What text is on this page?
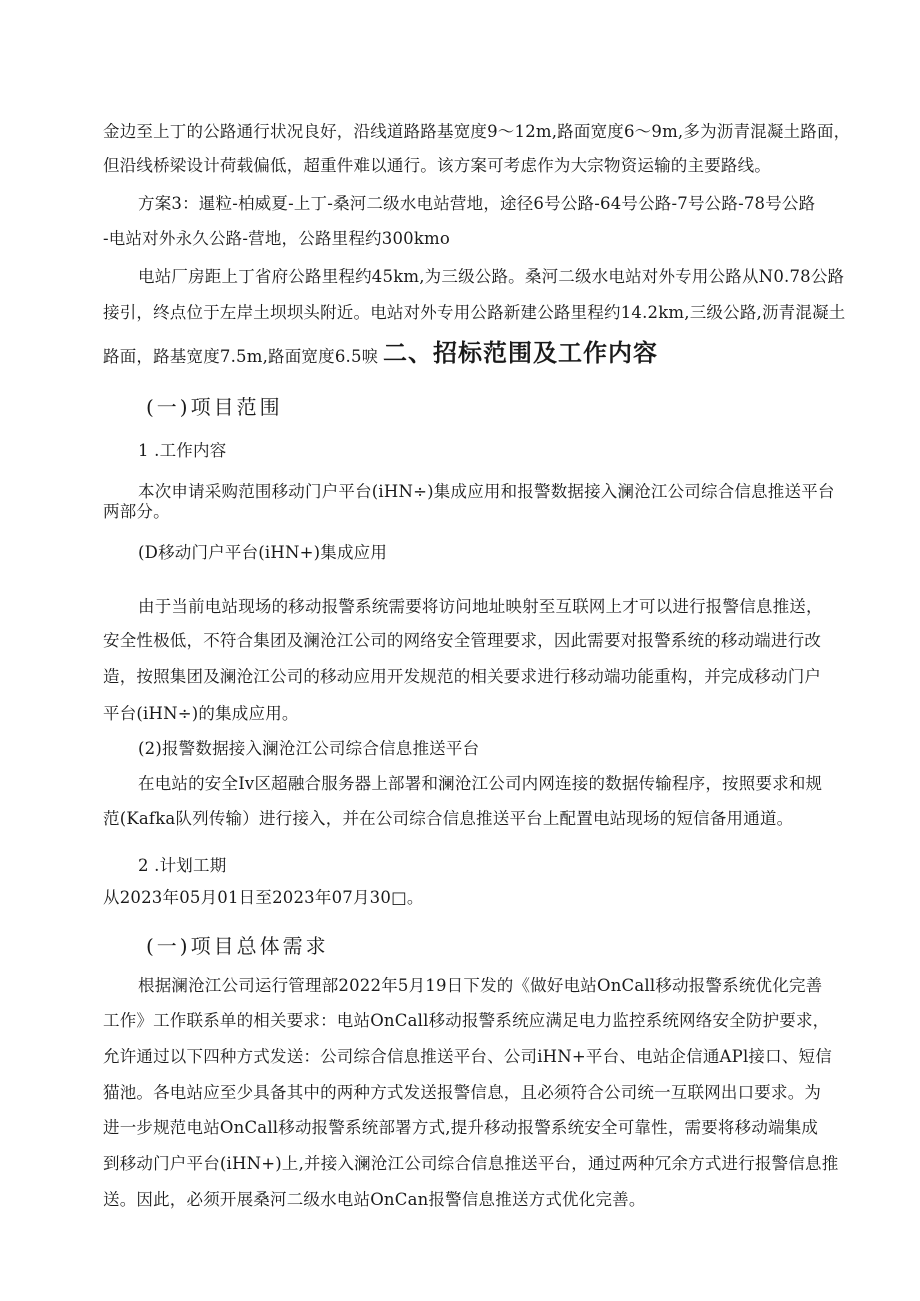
金边至上丁的公路通行状况良好，沿线道路路基宽度9～12m,路面宽度6～9m,多为沥青混凝土路面，
但沿线桥梁设计荷载偏低，超重件难以通行。该方案可考虑作为大宗物资运输的主要路线。
方案3：暹粒-柏威夏-上丁-桑河二级水电站营地，途径6号公路-64号公路-7号公路-78号公路
-电站对外永久公路-营地，公路里程约300kmo
电站厂房距上丁省府公路里程约45km,为三级公路。桑河二级水电站对外专用公路从N0.78公路
接引，终点位于左岸土坝坝头附近。电站对外专用公路新建公路里程约14.2km,三级公路,沥青混凝土
路面，路基宽度7.5m,路面宽度6.5唳 二、招标范围及工作内容
(一)项目范围
1 .工作内容
本次申请采购范围移动门户平台(iHN÷)集成应用和报警数据接入澜沧江公司综合信息推送平台
两部分。
(D移动门户平台(iHN+)集成应用
由于当前电站现场的移动报警系统需要将访问地址映射至互联网上才可以进行报警信息推送，
安全性极低，不符合集团及澜沧江公司的网络安全管理要求，因此需要对报警系统的移动端进行改
造，按照集团及澜沧江公司的移动应用开发规范的相关要求进行移动端功能重构，并完成移动门户
平台(iHN÷)的集成应用。
(2)报警数据接入澜沧江公司综合信息推送平台
在电站的安全Iv区超融合服务器上部署和澜沧江公司内网连接的数据传输程序，按照要求和规
范(Kafka队列传输）进行接入，并在公司综合信息推送平台上配置电站现场的短信备用通道。
2 .计划工期
从2023年05月01日至2023年07月30□。
(一)项目总体需求
根据澜沧江公司运行管理部2022年5月19日下发的《做好电站OnCall移动报警系统优化完善
工作》工作联系单的相关要求：电站OnCall移动报警系统应满足电力监控系统网络安全防护要求，
允许通过以下四种方式发送：公司综合信息推送平台、公司iHN+平台、电站企信通APl接口、短信
猫池。各电站应至少具备其中的两种方式发送报警信息，且必须符合公司统一互联网出口要求。为
进一步规范电站OnCall移动报警系统部署方式,提升移动报警系统安全可靠性，需要将移动端集成
到移动门户平台(iHN+)上,并接入澜沧江公司综合信息推送平台，通过两种冗余方式进行报警信息推
送。因此，必须开展桑河二级水电站OnCan报警信息推送方式优化完善。
